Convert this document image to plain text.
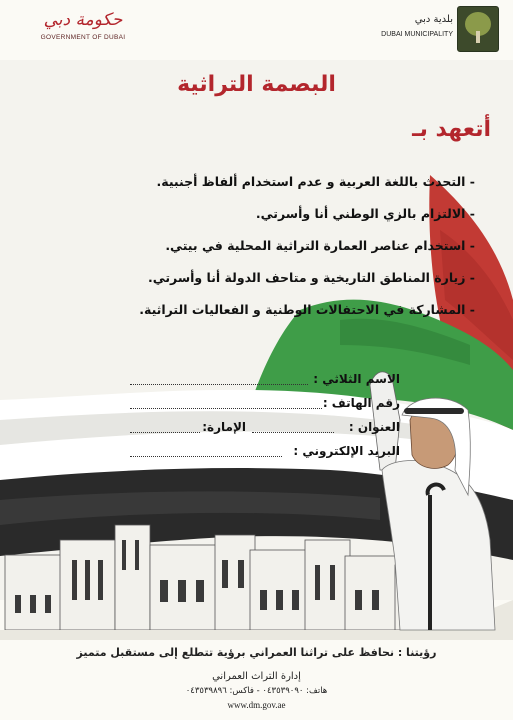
حكومة دبي
GOVERNMENT OF DUBAI
بلدية دبي
DUBAI MUNICIPALITY
البصمة التراثية
أتعهد بـ
- التحدث باللغة العربية و عدم استخدام ألفاظ أجنبية.
- الالتزام بالزي الوطني أنا وأسرتي.
- استخدام عناصر العمارة التراثية المحلية في بيتي.
- زيارة المناطق التاريخية و متاحف الدولة أنا وأسرتي.
- المشاركة في الاحتفالات الوطنية و الفعاليات التراثية.
الاسم الثلاثي :
رقم الهاتف :
العنوان :
الإمارة:
البريد الإلكتروني :
رؤيتنا : نحافظ على تراثنا العمراني برؤية تتطلع إلى مستقبل متميز
إدارة التراث العمراني
هاتف: ٠٤٣٥٣٩٠٩٠ - فاكس: ٠٤٣٥٣٩٨٩٦
www.dm.gov.ae
